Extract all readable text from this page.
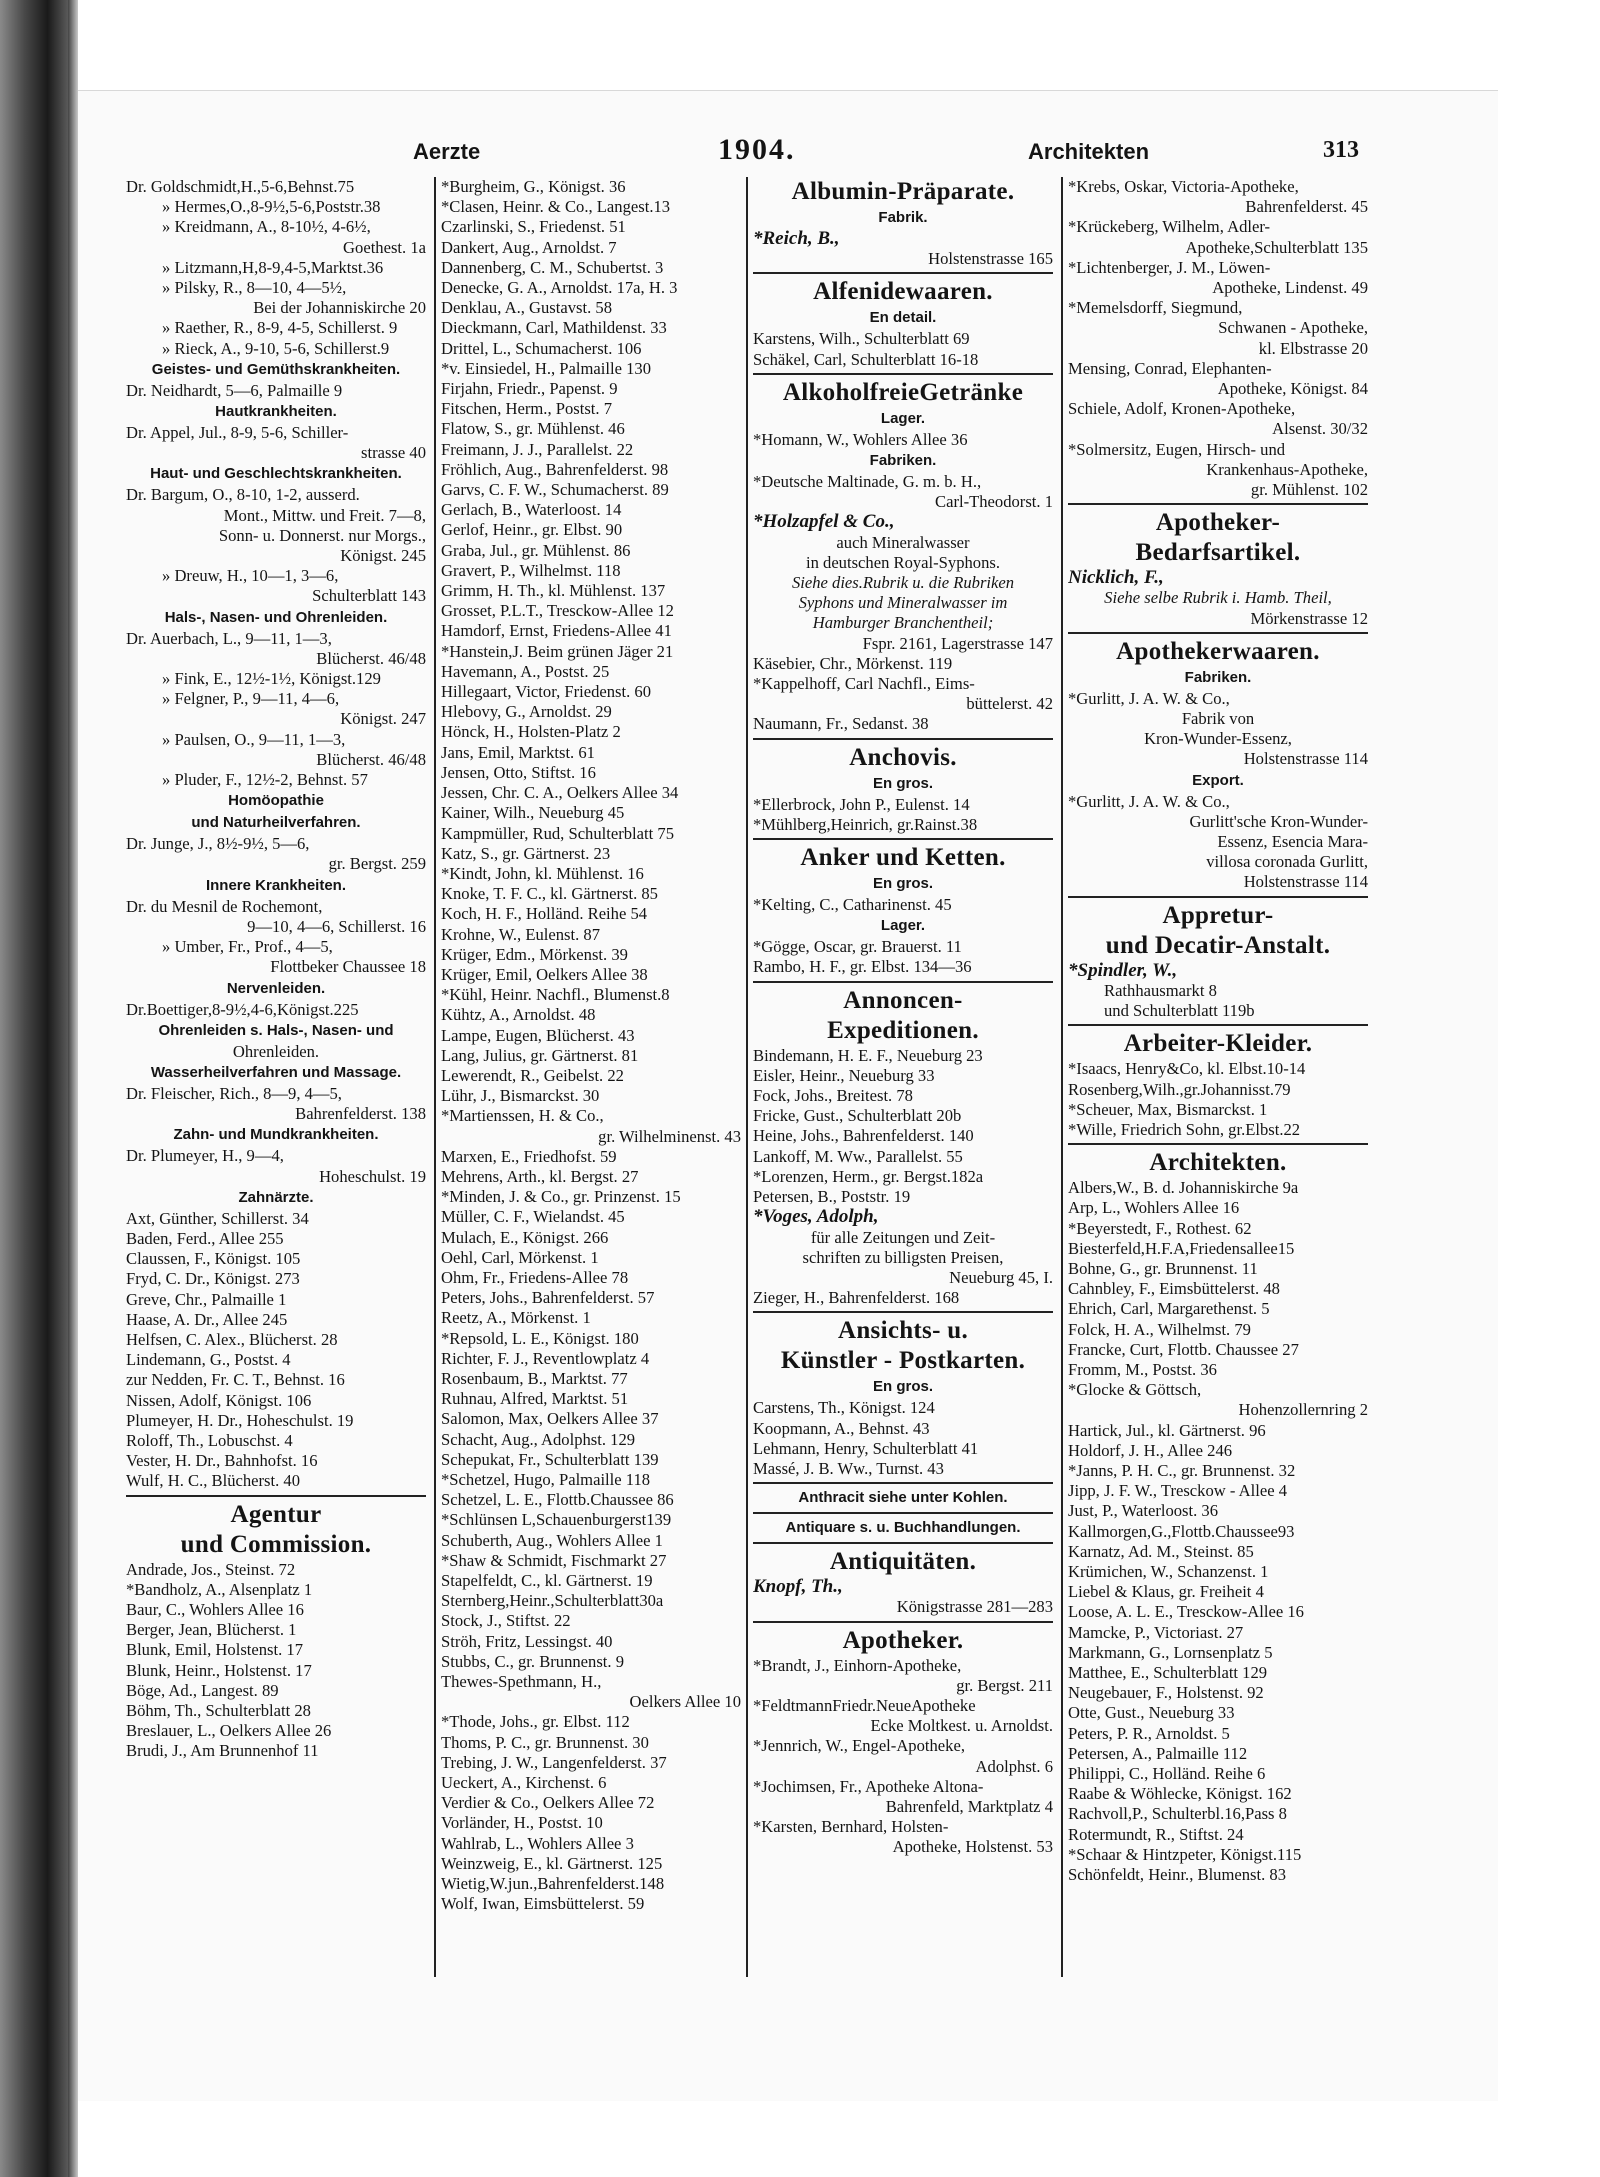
Aerzte	1904.	Architekten	313
Dr. Goldschmidt,H.,5-6,Behnst.75
» Hermes,O.,8-9½,5-6,Poststr.38
» Kreidmann, A., 8-10½, 4-6½,
Goethest. 1a
» Litzmann,H,8-9,4-5,Marktst.36
» Pilsky, R., 8—10, 4—5½,
Bei der Johanniskirche 20
» Raether, R., 8-9, 4-5, Schillerst. 9
» Rieck, A., 9-10, 5-6, Schillerst.9
Geistes- und Gemüthskrankheiten.
Dr. Neidhardt, 5—6, Palmaille 9
Hautkrankheiten.
Dr. Appel, Jul., 8-9, 5-6, Schiller-
strasse 40
Haut- und Geschlechtskrankheiten.
Dr. Bargum, O., 8-10, 1-2, ausserd.
Mont., Mittw. und Freit. 7—8,
Sonn- u. Donnerst. nur Morgs.,
Königst. 245
» Dreuw, H., 10—1, 3—6,
Schulterblatt 143
Hals-, Nasen- und Ohrenleiden.
Dr. Auerbach, L., 9—11, 1—3,
Blücherst. 46/48
» Fink, E., 12½-1½, Königst.129
» Felgner, P., 9—11, 4—6,
Königst. 247
» Paulsen, O., 9—11, 1—3,
Blücherst. 46/48
» Pluder, F., 12½-2, Behnst. 57
Homöopathie
und Naturheilverfahren.
Dr. Junge, J., 8½-9½, 5—6,
gr. Bergst. 259
Innere Krankheiten.
Dr. du Mesnil de Rochemont,
9—10, 4—6, Schillerst. 16
» Umber, Fr., Prof., 4—5,
Flottbeker Chaussee 18
Nervenleiden.
Dr.Boettiger,8-9½,4-6,Königst.225
Ohrenleiden s. Hals-, Nasen- und
Ohrenleiden.
Wasserheilverfahren und Massage.
Dr. Fleischer, Rich., 8—9, 4—5,
Bahrenfelderst. 138
Zahn- und Mundkrankheiten.
Dr. Plumeyer, H., 9—4,
Hoheschulst. 19
Zahnärzte.
Axt, Günther, Schillerst. 34
Baden, Ferd., Allee 255
Claussen, F., Königst. 105
Fryd, C. Dr., Königst. 273
Greve, Chr., Palmaille 1
Haase, A. Dr., Allee 245
Helfsen, C. Alex., Blücherst. 28
Lindemann, G., Postst. 4
zur Nedden, Fr. C. T., Behnst. 16
Nissen, Adolf, Königst. 106
Plumeyer, H. Dr., Hoheschulst. 19
Roloff, Th., Lobuschst. 4
Vester, H. Dr., Bahnhofst. 16
Wulf, H. C., Blücherst. 40
Agentur
und Commission.
Andrade, Jos., Steinst. 72
*Bandholz, A., Alsenplatz 1
Baur, C., Wohlers Allee 16
Berger, Jean, Blücherst. 1
Blunk, Emil, Holstenst. 17
Blunk, Heinr., Holstenst. 17
Böge, Ad., Langest. 89
Böhm, Th., Schulterblatt 28
Breslauer, L., Oelkers Allee 26
Brudi, J., Am Brunnenhof 11
*Burgheim, G., Königst. 36
*Clasen, Heinr. & Co., Langest.13
Czarlinski, S., Friedenst. 51
Dankert, Aug., Arnoldst. 7
Dannenberg, C. M., Schubertst. 3
Denecke, G. A., Arnoldst. 17a, H. 3
Denklau, A., Gustavst. 58
Dieckmann, Carl, Mathildenst. 33
Drittel, L., Schumacherst. 106
*v. Einsiedel, H., Palmaille 130
Firjahn, Friedr., Papenst. 9
Fitschen, Herm., Postst. 7
Flatow, S., gr. Mühlenst. 46
Freimann, J. J., Parallelst. 22
Fröhlich, Aug., Bahrenfelderst. 98
Garvs, C. F. W., Schumacherst. 89
Gerlach, B., Waterloost. 14
Gerlof, Heinr., gr. Elbst. 90
Graba, Jul., gr. Mühlenst. 86
Gravert, P., Wilhelmst. 118
Grimm, H. Th., kl. Mühlenst. 137
Grosset, P.L.T., Tresckow-Allee 12
Hamdorf, Ernst, Friedens-Allee 41
*Hanstein,J. Beim grünen Jäger 21
Havemann, A., Postst. 25
Hillegaart, Victor, Friedenst. 60
Hlebovy, G., Arnoldst. 29
Hönck, H., Holsten-Platz 2
Jans, Emil, Marktst. 61
Jensen, Otto, Stiftst. 16
Jessen, Chr. C. A., Oelkers Allee 34
Kainer, Wilh., Neueburg 45
Kampmüller, Rud, Schulterblatt 75
Katz, S., gr. Gärtnerst. 23
*Kindt, John, kl. Mühlenst. 16
Knoke, T. F. C., kl. Gärtnerst. 85
Koch, H. F., Holländ. Reihe 54
Krohne, W., Eulenst. 87
Krüger, Edm., Mörkenst. 39
Krüger, Emil, Oelkers Allee 38
*Kühl, Heinr. Nachfl., Blumenst.8
Kühtz, A., Arnoldst. 48
Lampe, Eugen, Blücherst. 43
Lang, Julius, gr. Gärtnerst. 81
Lewerendt, R., Geibelst. 22
Lühr, J., Bismarckst. 30
*Martienssen, H. & Co.,
gr. Wilhelminenst. 43
Marxen, E., Friedhofst. 59
Mehrens, Arth., kl. Bergst. 27
*Minden, J. & Co., gr. Prinzenst. 15
Müller, C. F., Wielandst. 45
Mulach, E., Königst. 266
Oehl, Carl, Mörkenst. 1
Ohm, Fr., Friedens-Allee 78
Peters, Johs., Bahrenfelderst. 57
Reetz, A., Mörkenst. 1
*Repsold, L. E., Königst. 180
Richter, F. J., Reventlowplatz 4
Rosenbaum, B., Marktst. 77
Ruhnau, Alfred, Marktst. 51
Salomon, Max, Oelkers Allee 37
Schacht, Aug., Adolphst. 129
Schepukat, Fr., Schulterblatt 139
*Schetzel, Hugo, Palmaille 118
Schetzel, L. E., Flottb.Chaussee 86
*Schlünsen L,Schauenburgerst139
Schuberth, Aug., Wohlers Allee 1
*Shaw & Schmidt, Fischmarkt 27
Stapelfeldt, C., kl. Gärtnerst. 19
Sternberg,Heinr.,Schulterblatt30a
Stock, J., Stiftst. 22
Ströh, Fritz, Lessingst. 40
Stubbs, C., gr. Brunnenst. 9
Thewes-Spethmann, H.,
Oelkers Allee 10
*Thode, Johs., gr. Elbst. 112
Thoms, P. C., gr. Brunnenst. 30
Trebing, J. W., Langenfelderst. 37
Ueckert, A., Kirchenst. 6
Verdier & Co., Oelkers Allee 72
Vorländer, H., Postst. 10
Wahlrab, L., Wohlers Allee 3
Weinzweig, E., kl. Gärtnerst. 125
Wietig,W.jun.,Bahrenfelderst.148
Wolf, Iwan, Eimsbüttelerst. 59
Albumin-Präparate.
Fabrik.
*Reich, B.,
Holstenstrasse 165
Alfenidewaaren.
En detail.
Karstens, Wilh., Schulterblatt 69
Schäkel, Carl, Schulterblatt 16-18
AlkoholfreieGetränke
Lager.
*Homann, W., Wohlers Allee 36
Fabriken.
*Deutsche Maltinade, G. m. b. H.,
Carl-Theodorst. 1
*Holzapfel & Co.,
auch Mineralwasser
in deutschen Royal-Syphons.
Siehe dies.Rubrik u. die Rubriken
Syphons und Mineralwasser im
Hamburger Branchentheil;
Fspr. 2161, Lagerstrasse 147
Käsebier, Chr., Mörkenst. 119
*Kappelhoff, Carl Nachfl., Eims-
büttelerst. 42
Naumann, Fr., Sedanst. 38
Anchovis.
En gros.
*Ellerbrock, John P., Eulenst. 14
*Mühlberg,Heinrich, gr.Rainst.38
Anker und Ketten.
En gros.
*Kelting, C., Catharinenst. 45
Lager.
*Gögge, Oscar, gr. Brauerst. 11
Rambo, H. F., gr. Elbst. 134—36
Annoncen-
Expeditionen.
Bindemann, H. E. F., Neueburg 23
Eisler, Heinr., Neueburg 33
Fock, Johs., Breitest. 78
Fricke, Gust., Schulterblatt 20b
Heine, Johs., Bahrenfelderst. 140
Lankoff, M. Ww., Parallelst. 55
*Lorenzen, Herm., gr. Bergst.182a
Petersen, B., Poststr. 19
*Voges, Adolph,
für alle Zeitungen und Zeit-
schriften zu billigsten Preisen,
Neueburg 45, I.
Zieger, H., Bahrenfelderst. 168
Ansichts- u.
Künstler - Postkarten.
En gros.
Carstens, Th., Königst. 124
Koopmann, A., Behnst. 43
Lehmann, Henry, Schulterblatt 41
Massé, J. B. Ww., Turnst. 43
Anthracit siehe unter Kohlen.
Antiquare s. u. Buchhandlungen.
Antiquitäten.
Knopf, Th.,
Königstrasse 281—283
Apotheker.
*Brandt, J., Einhorn-Apotheke,
gr. Bergst. 211
*FeldtmannFriedr.NeueApotheke
Ecke Moltkest. u. Arnoldst.
*Jennrich, W., Engel-Apotheke,
Adolphst. 6
*Jochimsen, Fr., Apotheke Altona-
Bahrenfeld, Marktplatz 4
*Karsten, Bernhard, Holsten-
Apotheke, Holstenst. 53
*Krebs, Oskar, Victoria-Apotheke,
Bahrenfelderst. 45
*Krückeberg, Wilhelm, Adler-
Apotheke,Schulterblatt 135
*Lichtenberger, J. M., Löwen-
Apotheke, Lindenst. 49
*Memelsdorff, Siegmund,
Schwanen - Apotheke,
kl. Elbstrasse 20
Mensing, Conrad, Elephanten-
Apotheke, Königst. 84
Schiele, Adolf, Kronen-Apotheke,
Alsenst. 30/32
*Solmersitz, Eugen, Hirsch- und
Krankenhaus-Apotheke,
gr. Mühlenst. 102
Apotheker-
Bedarfsartikel.
Nicklich, F.,
Siehe selbe Rubrik i. Hamb. Theil,
Mörkenstrasse 12
Apothekerwaaren.
Fabriken.
*Gurlitt, J. A. W. & Co.,
Fabrik von
Kron-Wunder-Essenz,
Holstenstrasse 114
Export.
*Gurlitt, J. A. W. & Co.,
Gurlitt'sche Kron-Wunder-
Essenz, Esencia Mara-
villosa coronada Gurlitt,
Holstenstrasse 114
Appretur-
und Decatir-Anstalt.
*Spindler, W.,
Rathhausmarkt 8
und Schulterblatt 119b
Arbeiter-Kleider.
*Isaacs, Henry&Co, kl. Elbst.10-14
Rosenberg,Wilh.,gr.Johannisst.79
*Scheuer, Max, Bismarckst. 1
*Wille, Friedrich Sohn, gr.Elbst.22
Architekten.
Albers,W., B. d. Johanniskirche 9a
Arp, L., Wohlers Allee 16
*Beyerstedt, F., Rothest. 62
Biesterfeld,H.F.A,Friedensallee15
Bohne, G., gr. Brunnenst. 11
Cahnbley, F., Eimsbüttelerst. 48
Ehrich, Carl, Margarethenst. 5
Folck, H. A., Wilhelmst. 79
Francke, Curt, Flottb. Chaussee 27
Fromm, M., Postst. 36
*Glocke & Göttsch,
Hohenzollernring 2
Hartick, Jul., kl. Gärtnerst. 96
Holdorf, J. H., Allee 246
*Janns, P. H. C., gr. Brunnenst. 32
Jipp, J. F. W., Tresckow - Allee 4
Just, P., Waterloost. 36
Kallmorgen,G.,Flottb.Chaussee93
Karnatz, Ad. M., Steinst. 85
Krümichen, W., Schanzenst. 1
Liebel & Klaus, gr. Freiheit 4
Loose, A. L. E., Tresckow-Allee 16
Mamcke, P., Victoriast. 27
Markmann, G., Lornsenplatz 5
Matthee, E., Schulterblatt 129
Neugebauer, F., Holstenst. 92
Otte, Gust., Neueburg 33
Peters, P. R., Arnoldst. 5
Petersen, A., Palmaille 112
Philippi, C., Holländ. Reihe 6
Raabe & Wöhlecke, Königst. 162
Rachvoll,P., Schulterbl.16,Pass 8
Rotermundt, R., Stiftst. 24
*Schaar & Hintzpeter, Königst.115
Schönfeldt, Heinr., Blumenst. 83
